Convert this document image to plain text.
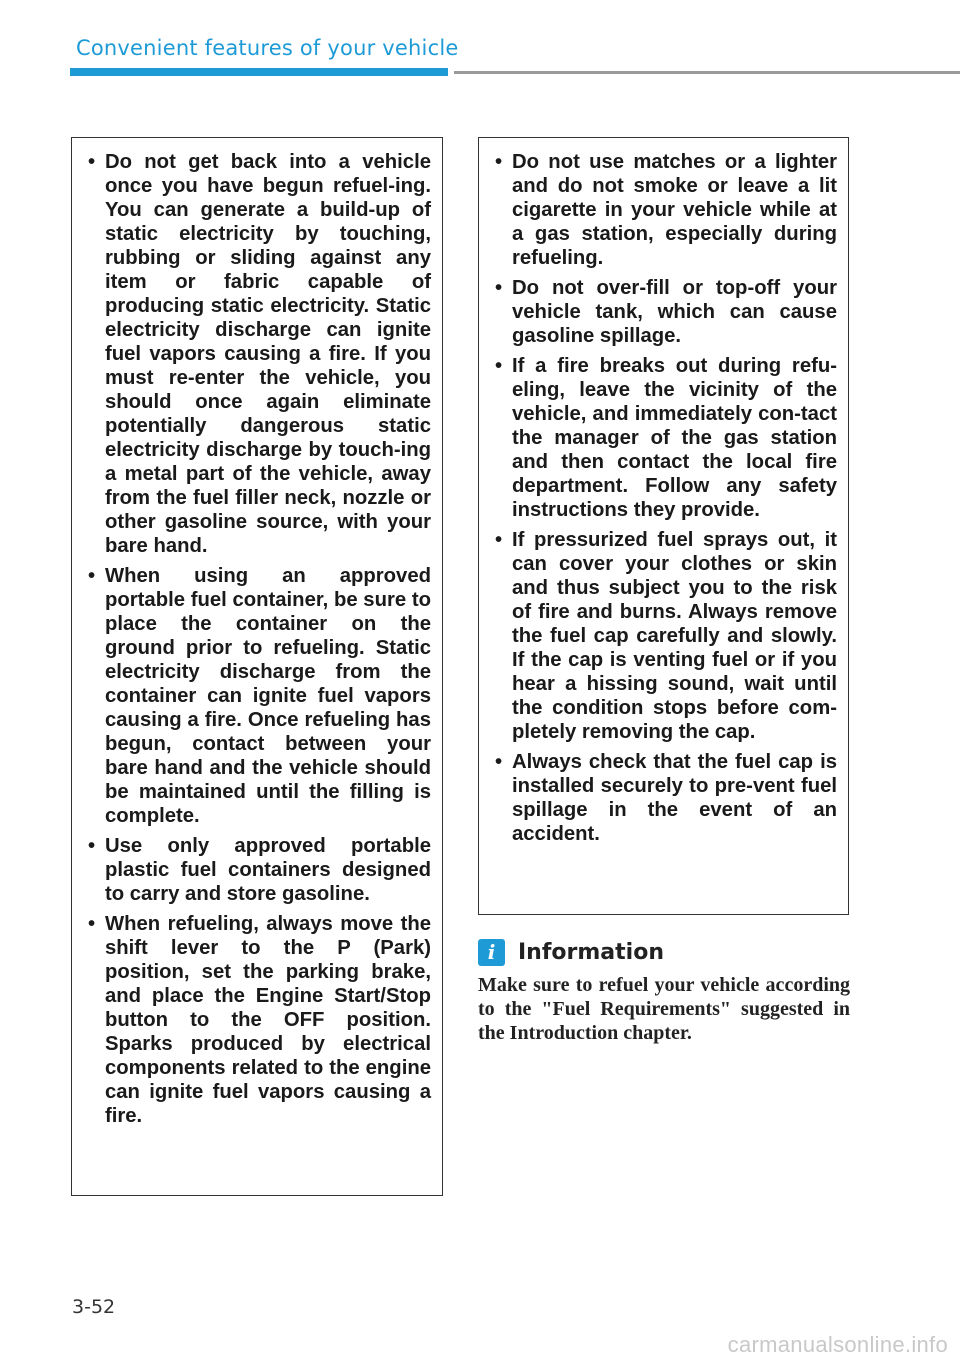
Convenient features of your vehicle
• Do not get back into a vehicle once you have begun refuel-ing. You can generate a build-up of static electricity by touching, rubbing or sliding against any item or fabric capable of producing static electricity. Static electricity discharge can ignite fuel vapors causing a fire. If you must re-enter the vehicle, you should once again eliminate potentially dangerous static electricity discharge by touch-ing a metal part of the vehicle, away from the fuel filler neck, nozzle or other gasoline source, with your bare hand.
• When using an approved portable fuel container, be sure to place the container on the ground prior to refueling. Static electricity discharge from the container can ignite fuel vapors causing a fire. Once refueling has begun, contact between your bare hand and the vehicle should be maintained until the filling is complete.
• Use only approved portable plastic fuel containers designed to carry and store gasoline.
• When refueling, always move the shift lever to the P (Park) position, set the parking brake, and place the Engine Start/Stop button to the OFF position. Sparks produced by electrical components related to the engine can ignite fuel vapors causing a fire.
• Do not use matches or a lighter and do not smoke or leave a lit cigarette in your vehicle while at a gas station, especially during refueling.
• Do not over-fill or top-off your vehicle tank, which can cause gasoline spillage.
• If a fire breaks out during refu-eling, leave the vicinity of the vehicle, and immediately con-tact the manager of the gas station and then contact the local fire department. Follow any safety instructions they provide.
• If pressurized fuel sprays out, it can cover your clothes or skin and thus subject you to the risk of fire and burns. Always remove the fuel cap carefully and slowly. If the cap is venting fuel or if you hear a hissing sound, wait until the condition stops before com-pletely removing the cap.
• Always check that the fuel cap is installed securely to pre-vent fuel spillage in the event of an accident.
i	Information
Make sure to refuel your vehicle according to the "Fuel Requirements" suggested in the Introduction chapter.
3-52
carmanualsonline.info
